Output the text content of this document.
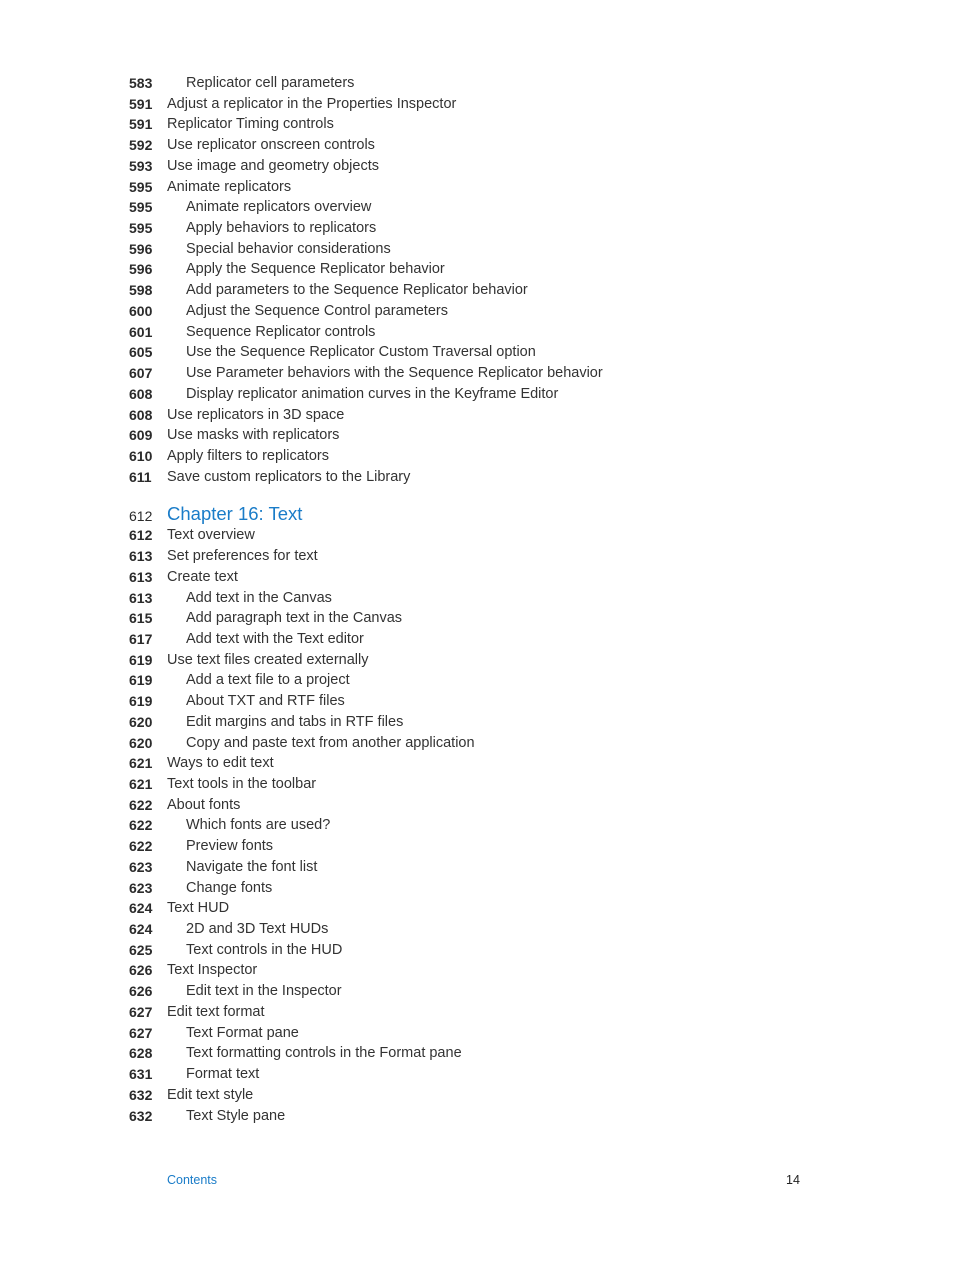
583 Replicator cell parameters
591 Adjust a replicator in the Properties Inspector
591 Replicator Timing controls
592 Use replicator onscreen controls
593 Use image and geometry objects
595 Animate replicators
595 Animate replicators overview
595 Apply behaviors to replicators
596 Special behavior considerations
596 Apply the Sequence Replicator behavior
598 Add parameters to the Sequence Replicator behavior
600 Adjust the Sequence Control parameters
601 Sequence Replicator controls
605 Use the Sequence Replicator Custom Traversal option
607 Use Parameter behaviors with the Sequence Replicator behavior
608 Display replicator animation curves in the Keyframe Editor
608 Use replicators in 3D space
609 Use masks with replicators
610 Apply filters to replicators
611 Save custom replicators to the Library
612 Chapter 16: Text
612 Text overview
613 Set preferences for text
613 Create text
613 Add text in the Canvas
615 Add paragraph text in the Canvas
617 Add text with the Text editor
619 Use text files created externally
619 Add a text file to a project
619 About TXT and RTF files
620 Edit margins and tabs in RTF files
620 Copy and paste text from another application
621 Ways to edit text
621 Text tools in the toolbar
622 About fonts
622 Which fonts are used?
622 Preview fonts
623 Navigate the font list
623 Change fonts
624 Text HUD
624 2D and 3D Text HUDs
625 Text controls in the HUD
626 Text Inspector
626 Edit text in the Inspector
627 Edit text format
627 Text Format pane
628 Text formatting controls in the Format pane
631 Format text
632 Edit text style
632 Text Style pane
Contents	14
